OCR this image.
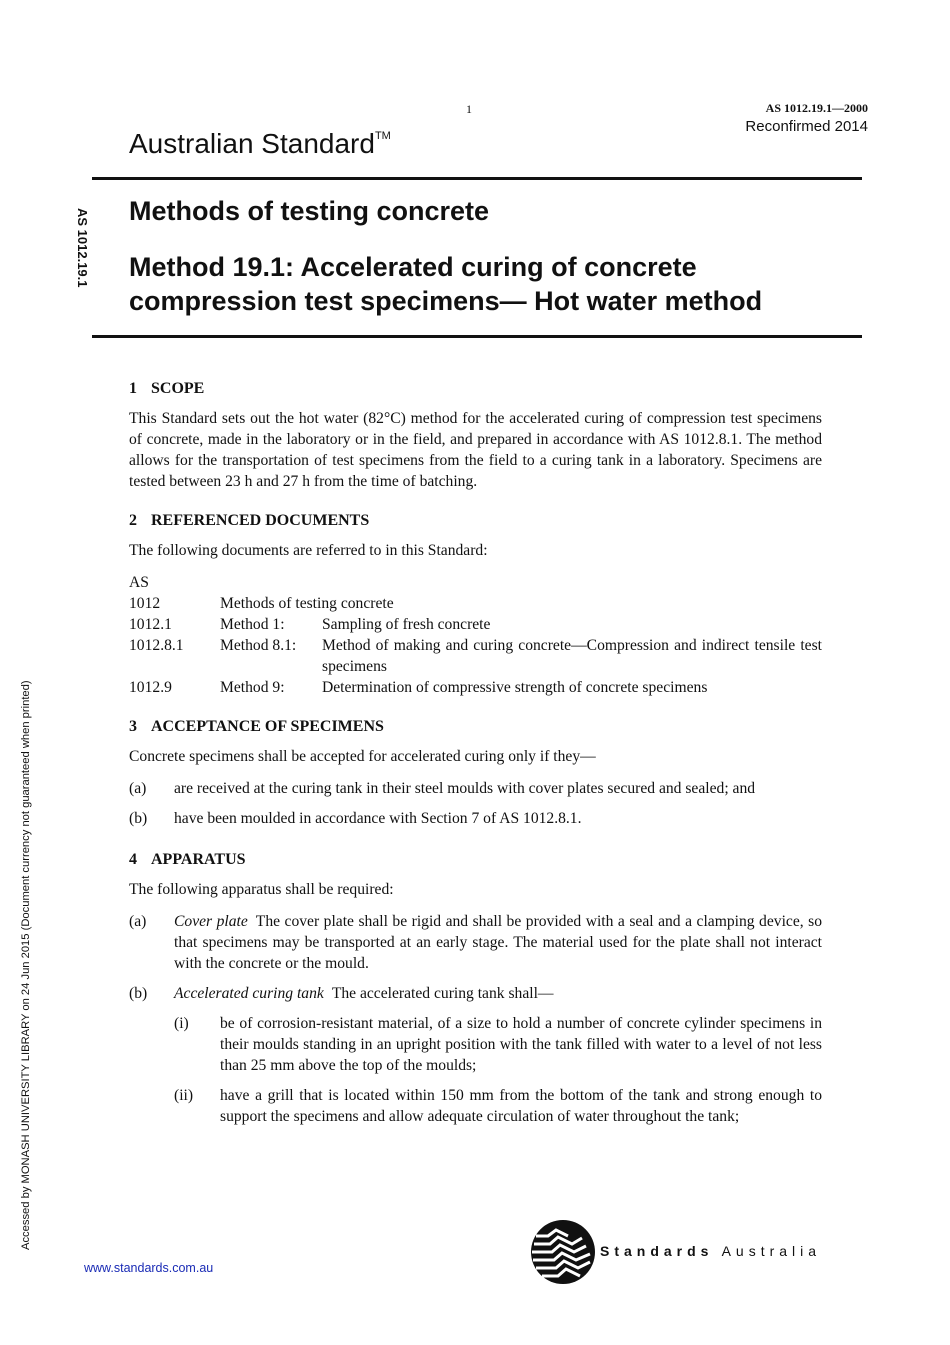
1	AS 1012.19.1—2000
Reconfirmed 2014
Australian Standard™
AS 1012.19.1
Accessed by MONASH UNIVERSITY LIBRARY on 24 Jun 2015 (Document currency not guaranteed when printed)
Methods of testing concrete
Method 19.1: Accelerated curing of concrete compression test specimens— Hot water method
1 SCOPE

This Standard sets out the hot water (82°C) method for the accelerated curing of compression test specimens of concrete, made in the laboratory or in the field, and prepared in accordance with AS 1012.8.1. The method allows for the transportation of test specimens from the field to a curing tank in a laboratory. Specimens are tested between 23 h and 27 h from the time of batching.

2 REFERENCED DOCUMENTS

The following documents are referred to in this Standard:

AS
1012	Methods of testing concrete
1012.1	Method 1:	Sampling of fresh concrete
1012.8.1	Method 8.1:	Method of making and curing concrete—Compression and indirect tensile test specimens
1012.9	Method 9:	Determination of compressive strength of concrete specimens
3 ACCEPTANCE OF SPECIMENS

Concrete specimens shall be accepted for accelerated curing only if they—

(a)	are received at the curing tank in their steel moulds with cover plates secured and sealed; and
(b)	have been moulded in accordance with Section 7 of AS 1012.8.1.
4 APPARATUS

The following apparatus shall be required:

(a)	Cover plate The cover plate shall be rigid and shall be provided with a seal and a clamping device, so that specimens may be transported at an early stage. The material used for the plate shall not interact with the concrete or the mould.
(b)	Accelerated curing tank The accelerated curing tank shall—
(i)	be of corrosion-resistant material, of a size to hold a number of concrete cylinder specimens in their moulds standing in an upright position with the tank filled with water to a level of not less than 25 mm above the top of the moulds;
(ii)	have a grill that is located within 150 mm from the bottom of the tank and strong enough to support the specimens and allow adequate circulation of water throughout the tank;
Standards Australia
www.standards.com.au
